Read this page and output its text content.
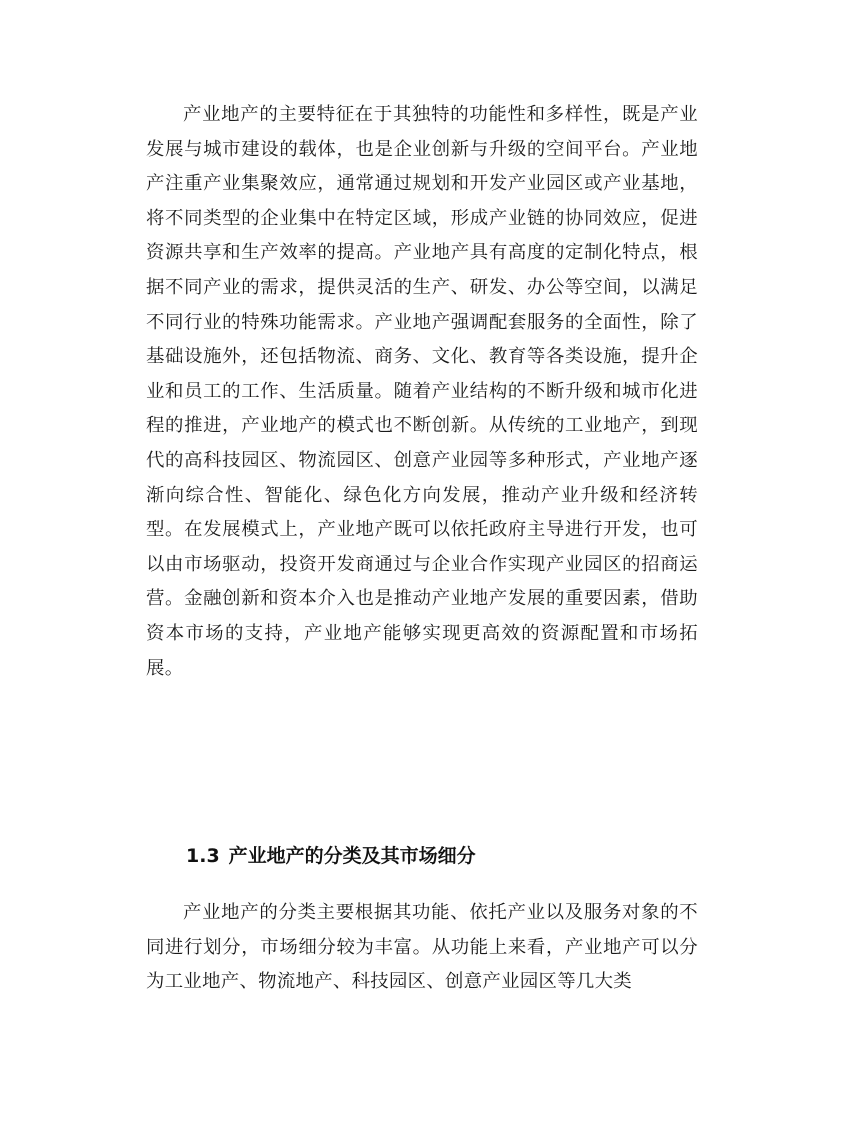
产业地产的主要特征在于其独特的功能性和多样性，既是产业发展与城市建设的载体，也是企业创新与升级的空间平台。产业地产注重产业集聚效应，通常通过规划和开发产业园区或产业基地，将不同类型的企业集中在特定区域，形成产业链的协同效应，促进资源共享和生产效率的提高。产业地产具有高度的定制化特点，根据不同产业的需求，提供灵活的生产、研发、办公等空间，以满足不同行业的特殊功能需求。产业地产强调配套服务的全面性，除了基础设施外，还包括物流、商务、文化、教育等各类设施，提升企业和员工的工作、生活质量。随着产业结构的不断升级和城市化进程的推进，产业地产的模式也不断创新。从传统的工业地产，到现代的高科技园区、物流园区、创意产业园等多种形式，产业地产逐渐向综合性、智能化、绿色化方向发展，推动产业升级和经济转型。在发展模式上，产业地产既可以依托政府主导进行开发，也可以由市场驱动，投资开发商通过与企业合作实现产业园区的招商运营。金融创新和资本介入也是推动产业地产发展的重要因素，借助资本市场的支持，产业地产能够实现更高效的资源配置和市场拓展。

1.3 产业地产的分类及其市场细分

产业地产的分类主要根据其功能、依托产业以及服务对象的不同进行划分，市场细分较为丰富。从功能上来看，产业地产可以分为工业地产、物流地产、科技园区、创意产业园区等几大类
